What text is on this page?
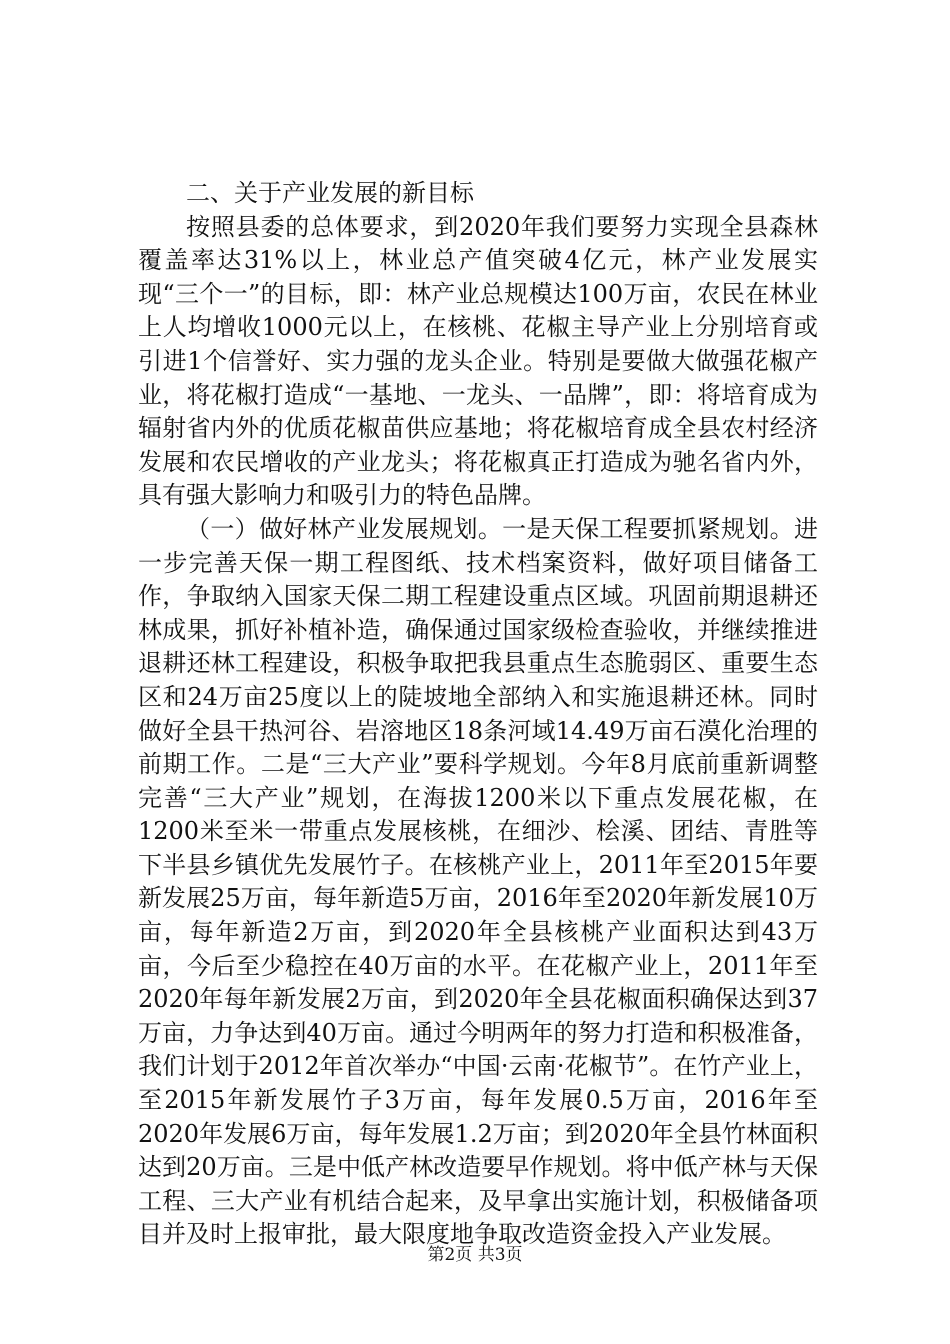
二、关于产业发展的新目标

按照县委的总体要求，到2020年我们要努力实现全县森林覆盖率达31%以上，林业总产值突破4亿元，林产业发展实现“三个一”的目标，即：林产业总规模达100万亩，农民在林业上人均增收1000元以上，在核桃、花椒主导产业上分别培育或引进1个信誉好、实力强的龙头企业。特别是要做大做强花椒产业，将花椒打造成“一基地、一龙头、一品牌”，即：将培育成为辐射省内外的优质花椒苗供应基地；将花椒培育成全县农村经济发展和农民增收的产业龙头；将花椒真正打造成为驰名省内外，具有强大影响力和吸引力的特色品牌。

（一）做好林产业发展规划。一是天保工程要抓紧规划。进一步完善天保一期工程图纸、技术档案资料，做好项目储备工作，争取纳入国家天保二期工程建设重点区域。巩固前期退耕还林成果，抓好补植补造，确保通过国家级检查验收，并继续推进退耕还林工程建设，积极争取把我县重点生态脆弱区、重要生态区和24万亩25度以上的陡坡地全部纳入和实施退耕还林。同时做好全县干热河谷、岩溶地区18条河域14.49万亩石漠化治理的前期工作。二是“三大产业”要科学规划。今年8月底前重新调整完善“三大产业”规划，在海拔1200米以下重点发展花椒，在1200米至米一带重点发展核桃，在细沙、桧溪、团结、青胜等下半县乡镇优先发展竹子。在核桃产业上，2011年至2015年要新发展25万亩，每年新造5万亩，2016年至2020年新发展10万亩，每年新造2万亩，到2020年全县核桃产业面积达到43万亩，今后至少稳控在40万亩的水平。在花椒产业上，2011年至2020年每年新发展2万亩，到2020年全县花椒面积确保达到37万亩，力争达到40万亩。通过今明两年的努力打造和积极准备，我们计划于2012年首次举办“中国·云南·花椒节”。在竹产业上，至2015年新发展竹子3万亩，每年发展0.5万亩，2016年至2020年发展6万亩，每年发展1.2万亩；到2020年全县竹林面积达到20万亩。三是中低产林改造要早作规划。将中低产林与天保工程、三大产业有机结合起来，及早拿出实施计划，积极储备项目并及时上报审批，最大限度地争取改造资金投入产业发展。

第2页 共3页
